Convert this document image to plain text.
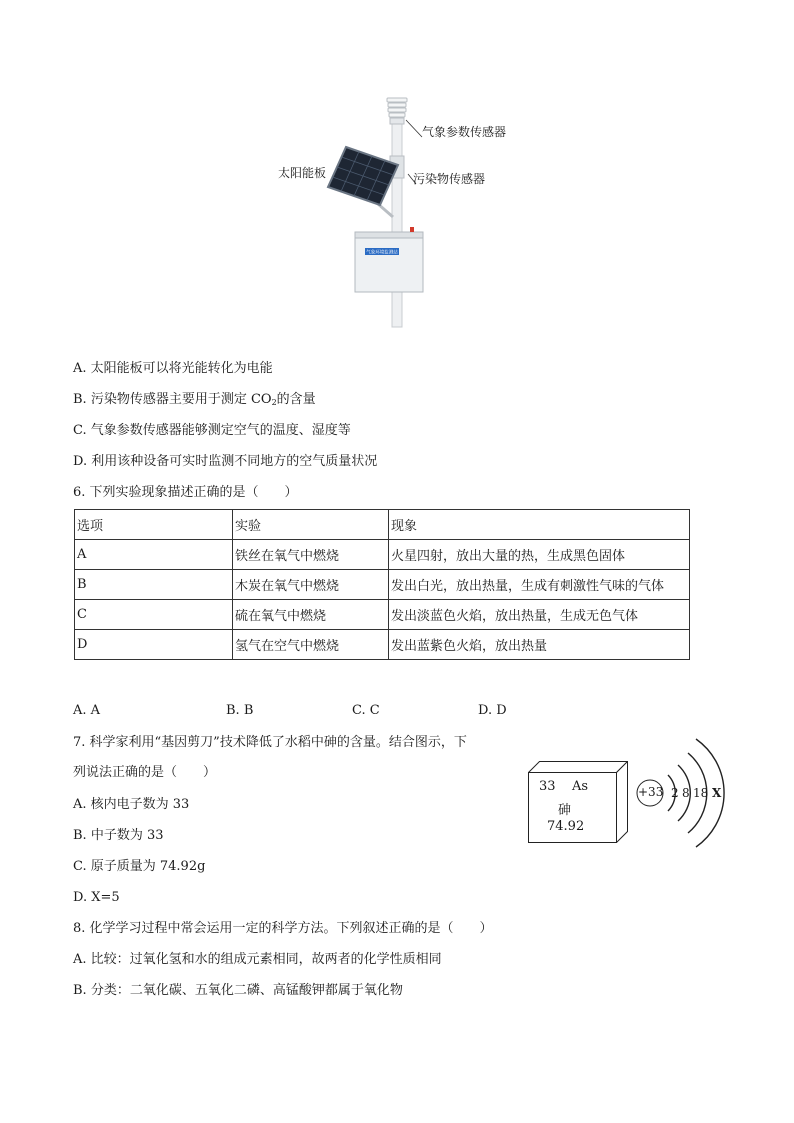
气象环境监测站
气象参数传感器
太阳能板	污染物传感器
A. 太阳能板可以将光能转化为电能
B. 污染物传感器主要用于测定 $CO_2$的含量
C. 气象参数传感器能够测定空气的温度、湿度等
D. 利用该种设备可实时监测不同地方的空气质量状况
6. 下列实验现象描述正确的是（　　）
选项	实验	现象
A	铁丝在氧气中燃烧	火星四射，放出大量的热，生成黑色固体
B	木炭在氧气中燃烧	发出白光，放出热量，生成有刺激性气味的气体
C	硫在氧气中燃烧	发出淡蓝色火焰，放出热量，生成无色气体
D	氢气在空气中燃烧	发出蓝紫色火焰，放出热量
A. A	B. B	C. C	D. D
7. 科学家利用“基因剪刀”技术降低了水稻中砷的含量。结合图示，下
列说法正确的是（　　）
A. 核内电子数为 33
B. 中子数为 33
C. 原子质量为 74.92g
D. X=5
33 As
砷
74.92
+33 2 8 18 X
8. 化学学习过程中常会运用一定的科学方法。下列叙述正确的是（　　）
A. 比较：过氧化氢和水的组成元素相同，故两者的化学性质相同
B. 分类：二氧化碳、五氧化二磷、高锰酸钾都属于氧化物
